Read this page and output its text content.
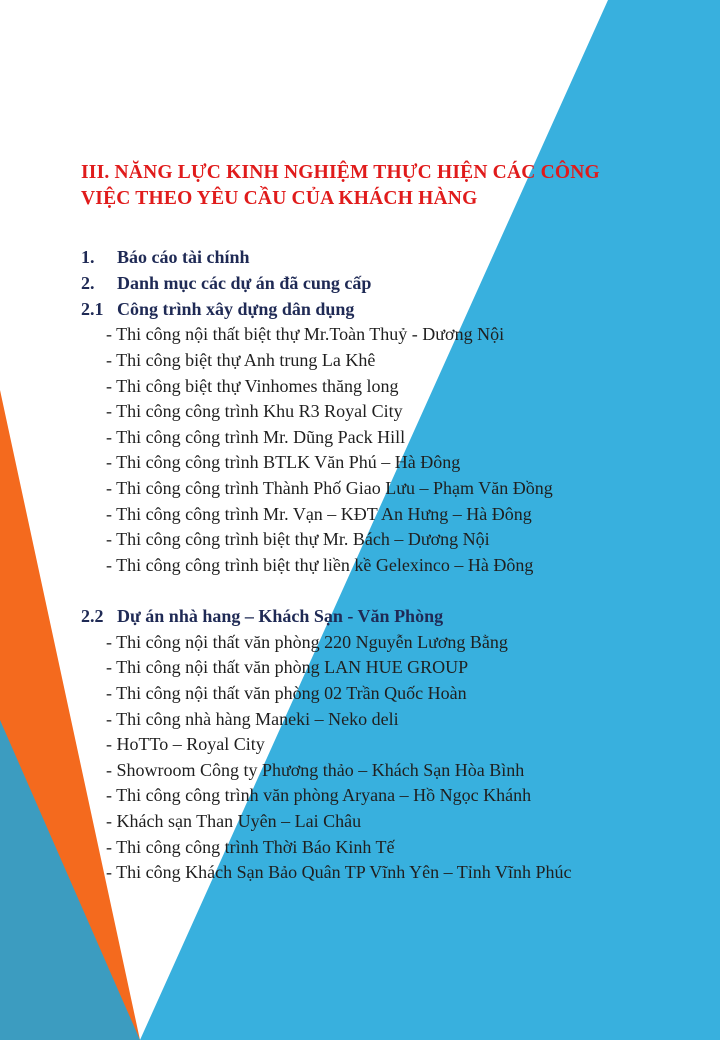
III. NĂNG LỰC KINH NGHIỆM THỰC HIỆN CÁC CÔNG
VIỆC THEO YÊU CẦU CỦA KHÁCH HÀNG
1. Báo cáo tài chính
2. Danh mục các dự án đã cung cấp
2.1 Công trình xây dựng dân dụng
- Thi công nội thất biệt thự Mr.Toàn Thuỷ - Dương Nội
- Thi công biệt thự Anh trung La Khê
- Thi công biệt thự Vinhomes thăng long
- Thi công công trình Khu R3 Royal City
- Thi công công trình Mr. Dũng Pack Hill
- Thi công công trình BTLK Văn Phú – Hà Đông
- Thi công công trình Thành Phố Giao Lưu – Phạm Văn Đồng
- Thi công công trình Mr. Vạn – KĐT An Hưng – Hà Đông
- Thi công công trình biệt thự Mr. Bách – Dương Nội
- Thi công công trình biệt thự liền kề Gelexinco – Hà Đông
2.2 Dự án nhà hang – Khách Sạn - Văn Phòng
- Thi công nội thất văn phòng 220 Nguyễn Lương Bằng
- Thi công nội thất văn phòng LAN HUE GROUP
- Thi công nội thất văn phòng 02 Trần Quốc Hoàn
- Thi công nhà hàng Maneki – Neko deli
- HoTTo – Royal City
- Showroom Công ty Phương thảo – Khách Sạn Hòa Bình
- Thi công công trình văn phòng Aryana – Hồ Ngọc Khánh
- Khách sạn Than Uyên – Lai Châu
- Thi công công trình Thời Báo Kinh Tế
- Thi công Khách Sạn Bảo Quân TP Vĩnh Yên – Tỉnh Vĩnh Phúc
